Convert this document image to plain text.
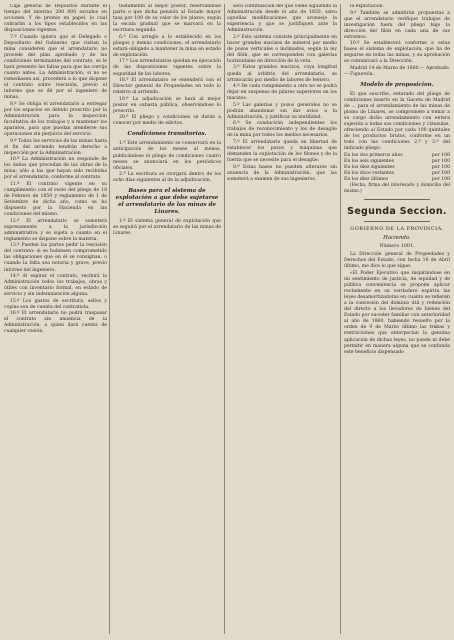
Caja general de Depósitos durante el tiempo del interino 200 000 escudos en acciones. Y de premio en papel, lo cual cobrarán a los tipos establecidos en las disposiciones vigentes.

7.º Cuando quiera que el Delegado o Depositario del Gobierno que visitan la mina consideren que el arrendatario no procede del plan aprobado y de las condiciones terminantes del contrato, se le hará presente las faltas para que las corrija cuanto antes. La Administración, si no se remediasen así, procederá a lo que dispone el contrato sobre rescisión, previo el informe que se dé por el ingeniero de minas.

8.º Se obliga el arrendatario a entregar por los espacios en debido prescrito por la Administración para la inspección facultativa de los trabajos y a mantener los aparatos, para que puedan atenderse sus operaciones sin perjuicio del servicio.

9.º Todos los servicios de las minas hasta el fin del arriendo tendrán derecho a inspección por la Administración.

10.º La Administración no responde de los daños que procedan de las obras de la mina; sólo a las que hayan sido recibidas por el arrendatario, conforme al contrato.

11.º El contrato vigente en su cumplimiento con el resto del pliego de 18 de Febrero de 1859 y reglamento de 1 de Setiembre de dicho año, como se ha dispuesto por la Hacienda en las condiciones del mismo.

12.º El arrendatario se someterá expresamente a la jurisdicción administrativa y se sujeta a cuanto en el reglamento se dispone sobre la materia.

13.º Pueden las partes pedir la rescisión del contrato: si se hubiesen comprometido las obligaciones que en él se consignan, o cuando la falta sea notoria y grave, previo informe del ingeniero.

14.º Al espirar el contrato, recibirá la Administración todos los trabajos, obras y útiles con inventario formal, en estado de servicio y sin indemnización alguna.

15.º Los gastos de escritura, sellos y copias son de cuenta del contratista.

16.º El arrendatario no podrá traspasar el contrato sin anuencia de la Administración, a quien dará cuenta de cualquier cesión.

testamento al mejor postor, reservándose parte o que dicha pensión al Estado mayor tasa por 100 de su valor de los plazos, según la escala gradual que se marcará en la escritura segunda.

6.ª Con arreglo a lo establecido en los pliegos y demás condiciones, el arrendatario estará obligado a mantener la mina en estado de explotación.

17.ª Los arrendatarios quedan en ejecución de las disposiciones vigentes sobre la seguridad de las labores.

18.ª El arrendatario se entenderá con el Director general de Propiedades en todo lo relativo al arriendo.

19.ª La adjudicación se hará al mejor postor en subasta pública, observándose lo prescrito.

20.ª El pliego y condiciones se darán a conocer por medio de edictos.

Condiciones transitorias.

1.ª Este arrendamiento se conservará en la anticipación de los meses al menos, publicándose el pliego de condiciones cuatro meses se anunciará en los periódicos oficiales.

2.ª La escritura se otorgará dentro de los ocho días siguientes al de la adjudicación.

Bases para el sistema de explotación a que debe sujetarse el arrendatario de las minas de Linares.

1.º El sistema general de explotación que se seguirá por el arrendatario de las minas de Linares

será continuación del que viene siguiendo la Administración desde el año de 1850, salvo aquellas modificaciones que aconseje la experiencia y que se justifiquen ante la Administración.

2.º Este sistema consiste principalmente en hacer grandes macizos de mineral por medio de pozos verticales o inclinados, según la ley del filón, que se corresponden con galerías horizontales en dirección de la veta.

3.º Estos grandes macizos, cuya longitud queda al arbitrio del arrendatario, se arrancarán por medio de labores de testero.

4.º De cada rompimiento a otro no se podrá dejar en suspenso de pilares superiores en los macizos.

5.º Las galerías y pozos generales no se podrán abandonar sin dar aviso a la Administración, y justificar su inutilidad.

6.º Se conducirán independientes los trabajos de reconocimiento y los de desagüe de la mina por todos los medios necesarios.

7.º El arrendatario queda en libertad de establecer los pozos y máquinas que demanden la explotación de los filones y de la fuerza que se necesite para el desagüe.

8.º Estas bases no pueden alterarse sin anuencia de la Administración, que las someterá a examen de sus ingenieros.

la explotación.

9.º También se admitirán propuestas a que el arrendatario verifique trabajos de investigación fuera del pliego bajo la dirección del filón en cada una de sus extremos.

10.º Se establecerá conforme a estas bases el sistema de explotación, que ha de seguirse en todas las minas, y su aprobación se comunicará a la Dirección.

Madrid 14 de Marzo de 1860.— Aprobado.— Figuerola.

Modelo de proposicion.

El que suscribe, enterado del pliego de condiciones inserto en la Gaceta de Madrid de ... para el arrendamiento de las minas de plomo de Linares, se compromete a tomar a su cargo dicho arrendamiento con entera sujeción a todas sus condiciones y cláusulas, ofreciendo al Estado por cada 100 quintales de los productos brutos, conforme en un todo con las condiciones 2.ª y 3.ª del indicado pliego:

En los dos primeros años	por 100
En los seis siguientes	por 100
En los diez siguientes	por 100
En los doce restantes	por 100
En los diez últimos	por 100

(Fecha, firma del interesado y domicilio del mismo.)

Segunda Seccion.
GOBIERNO DE LA PROVINCIA.
Hacienda.
Número 1001.

La Dirección general de Propiedades y Derechos del Estado, con fecha 18 de Abril último, me dice lo que sigue:

«El Poder Ejecutivo que inspirándose en un sentimiento de justicia, de equidad y de pública conveniencia se propone aplicar rectamente en su verdadero espíritu las leyes desamortizadoras en cuanto se refieren a la concesión del dominio útil y redención del directo a los llevadores de bienes del Estado por suceder familiar con anterioridad al año de 1860, habiendo resuelto por la orden de 9 de Marzo último las trabas y restricciones que entorpecían la genuina aplicación de dichas leyes, no puede ni debe permitir en manera alguna que se confunda este beneficio dispensado
